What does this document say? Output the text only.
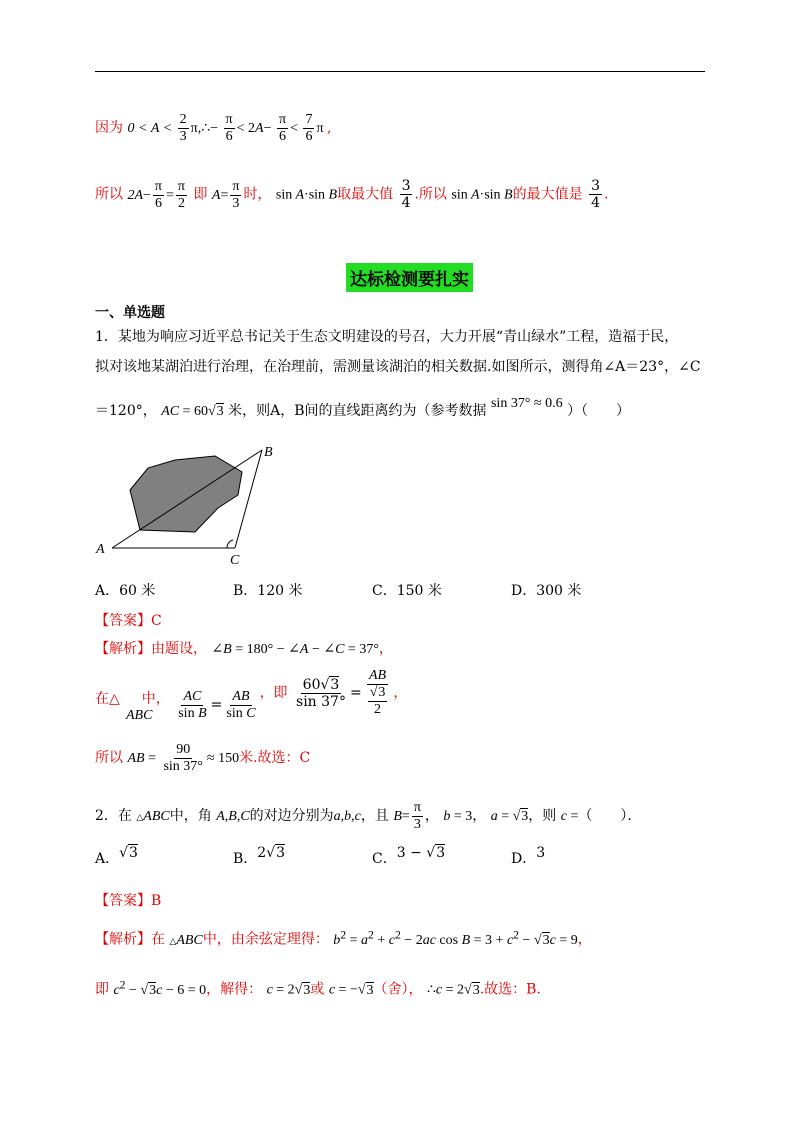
因为 $0 < A < \frac{2}{3}$ π,∴− $\frac{\pi}{6} < 2A- \frac{\pi}{6} < \frac{7}{6}$ π ,
所以 $2A- \frac{\pi}{6} = \frac{\pi}{2}$ 即 $A= \frac{\pi}{3}$ 时， sin A·sin B取最大值 $\frac{3}{4}$ .所以 sin A·sin B的最大值是 $\frac{3}{4}$ .
达标检测要扎实
一、单选题
1．某地为响应习近平总书记关于生态文明建设的号召，大力开展“青山绿水”工程，造福于民，
拟对该地某湖泊进行治理，在治理前，需测量该湖泊的相关数据.如图所示，测得角∠A＝23°，∠C
＝120°， AC = 60√3 米，则A，B间的直线距离约为（参考数据 sin 37° ≈ 0.6 ）（　　）
A
B
C
A．60 米	B．120 米	C．150 米	D．300 米
【答案】C
【解析】由题设， ∠B = 180° − ∠A − ∠C = 37°，
在△ 中， $\frac{AC}{\text{sin B}} = \frac{AB}{\text{sin C}}$ ，即 $\frac{60√3}{\sin 37^\circ} = \frac{AB}{\frac{√3}{2}}$ ，
ABC
所以 AB = $\frac{90}{\sin 37^\circ} \approx 150$米.故选：C
2．在 △ABC中，角 A,B,C的对边分别为a,b,c，且 $B= \frac{\pi}{3}$ ， b = 3， a = √3，则 c =（　　）．
A．√3	B．2√3	C．3 − √3	D．3
【答案】B
【解析】在 △ABC中，由余弦定理得： $b^2 = a^2 + c^2 - 2ac$ $\cos B = 3 + c^2 - √3c = 9$，
即 $c^2 - √3c - 6 = 0$，解得： c = 2√3或 c = −√3（舍）， ∴c = 2√3.故选：B.
